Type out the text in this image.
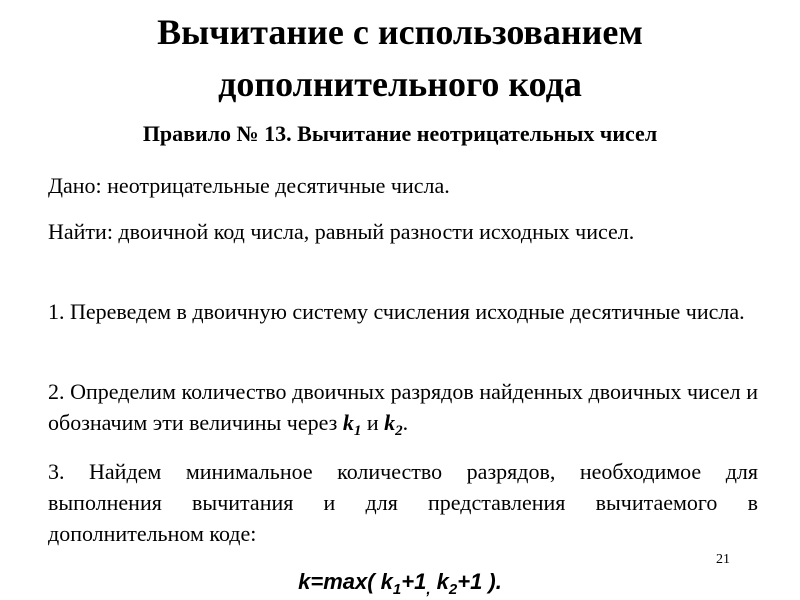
Вычитание с использованием
дополнительного кода
Правило № 13. Вычитание неотрицательных чисел

Дано: неотрицательные десятичные числа.

Найти: двоичной код числа, равный разности исходных чисел.

1. Переведем в двоичную систему счисления исходные десятичные числа.

2. Определим количество двоичных разрядов найденных двоичных чисел и обозначим эти величины через $k_1$ и $k_2$.

3. Найдем минимальное количество разрядов, необходимое для выполнения вычитания и для представления вычитаемого в дополнительном коде:

21
k=max( $k_1+1_,$ $k_2+1$ ).
